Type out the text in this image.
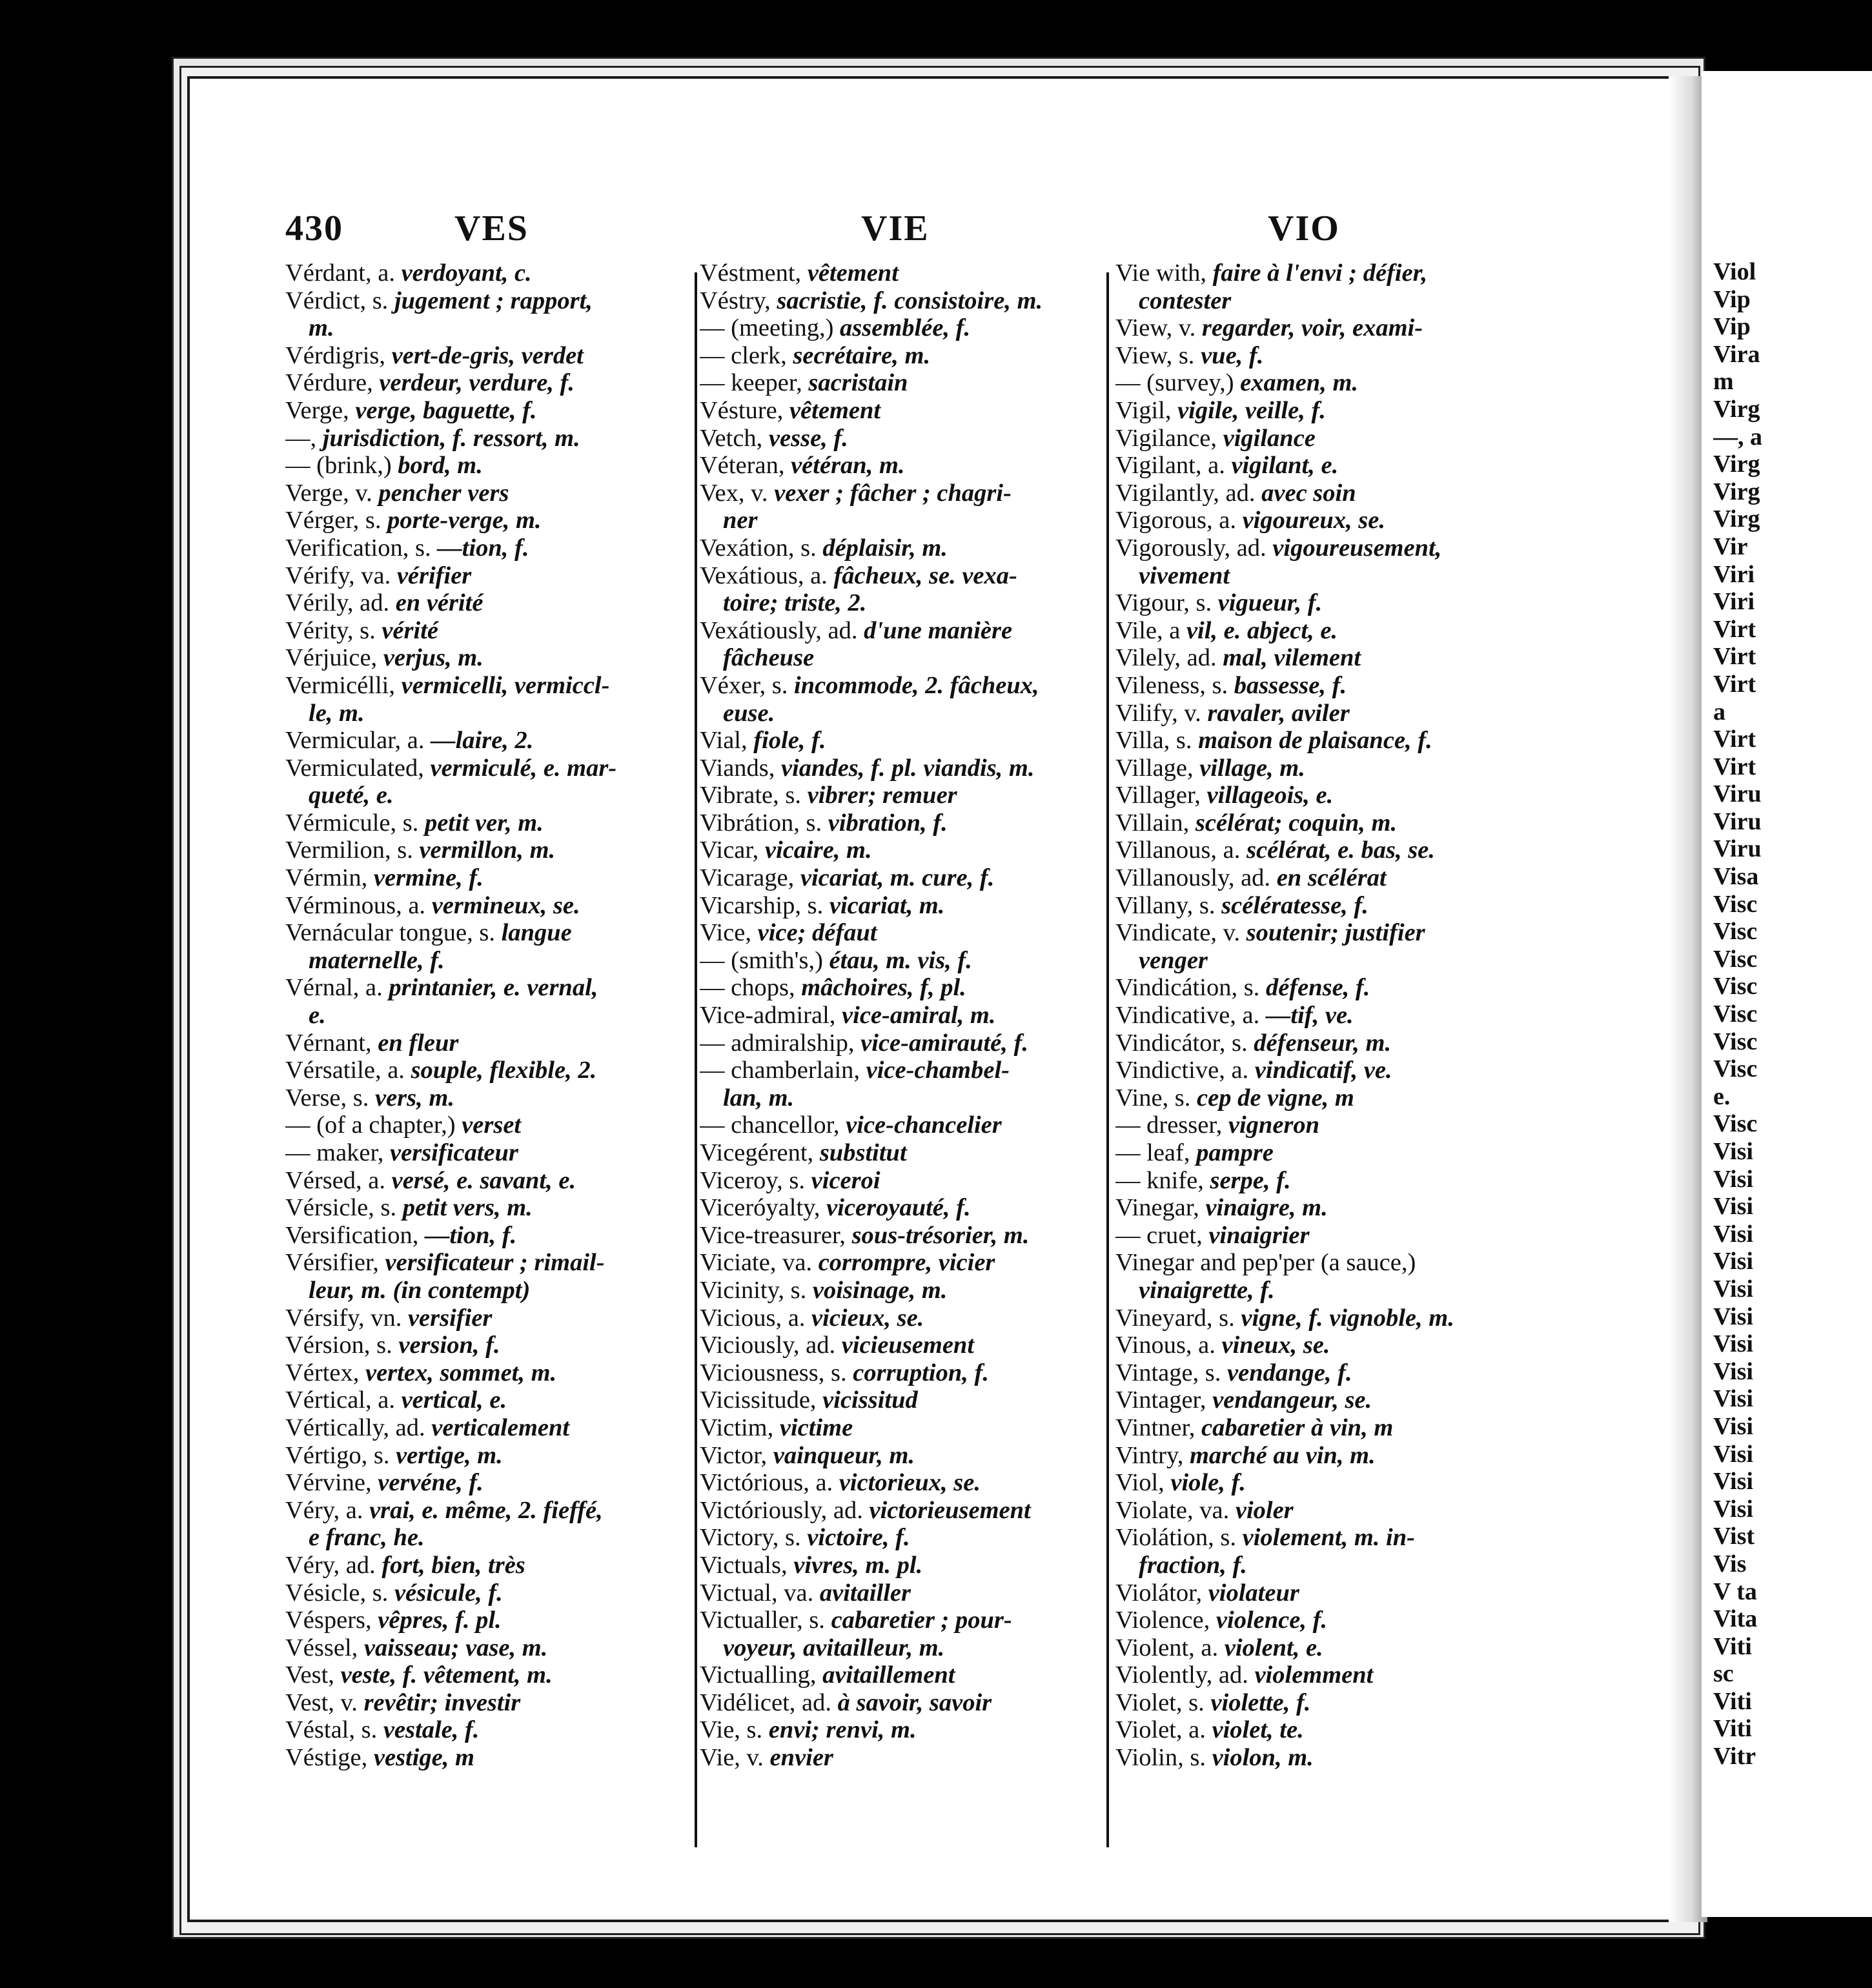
430	VES	VIE	VIO
Vérdant, a. verdoyant, c.
Vérdict, s. jugement ; rapport,
m.
Vérdigris, vert-de-gris, verdet
Vérdure, verdeur, verdure, f.
Verge, verge, baguette, f.
—, jurisdiction, f. ressort, m.
— (brink,) bord, m.
Verge, v. pencher vers
Vérger, s. porte-verge, m.
Verification, s. —tion, f.
Vérify, va. vérifier
Vérily, ad. en vérité
Vérity, s. vérité
Vérjuice, verjus, m.
Vermicélli, vermicelli, vermiccl-
le, m.
Vermicular, a. —laire, 2.
Vermiculated, vermiculé, e. mar-
queté, e.
Vérmicule, s. petit ver, m.
Vermilion, s. vermillon, m.
Vérmin, vermine, f.
Vérminous, a. vermineux, se.
Vernácular tongue, s. langue
maternelle, f.
Vérnal, a. printanier, e. vernal,
e.
Vérnant, en fleur
Vérsatile, a. souple, flexible, 2.
Verse, s. vers, m.
— (of a chapter,) verset
— maker, versificateur
Vérsed, a. versé, e. savant, e.
Vérsicle, s. petit vers, m.
Versification, —tion, f.
Vérsifier, versificateur ; rimail-
leur, m. (in contempt)
Vérsify, vn. versifier
Vérsion, s. version, f.
Vértex, vertex, sommet, m.
Vértical, a. vertical, e.
Vértically, ad. verticalement
Vértigo, s. vertige, m.
Vérvine, vervéne, f.
Véry, a. vrai, e. même, 2. fieffé,
e franc, he.
Véry, ad. fort, bien, très
Vésicle, s. vésicule, f.
Véspers, vêpres, f. pl.
Véssel, vaisseau; vase, m.
Vest, veste, f. vêtement, m.
Vest, v. revêtir; investir
Véstal, s. vestale, f.
Véstige, vestige, m
Véstment, vêtement
Véstry, sacristie, f. consistoire, m.
— (meeting,) assemblée, f.
— clerk, secrétaire, m.
— keeper, sacristain
Vésture, vêtement
Vetch, vesse, f.
Véteran, vétéran, m.
Vex, v. vexer ; fâcher ; chagri-
ner
Vexátion, s. déplaisir, m.
Vexátious, a. fâcheux, se. vexa-
toire; triste, 2.
Vexátiously, ad. d'une manière
fâcheuse
Véxer, s. incommode, 2. fâcheux,
euse.
Vial, fiole, f.
Viands, viandes, f. pl. viandis, m.
Vibrate, s. vibrer; remuer
Vibrátion, s. vibration, f.
Vicar, vicaire, m.
Vicarage, vicariat, m. cure, f.
Vicarship, s. vicariat, m.
Vice, vice; défaut
— (smith's,) étau, m. vis, f.
— chops, mâchoires, f, pl.
Vice-admiral, vice-amiral, m.
— admiralship, vice-amirauté, f.
— chamberlain, vice-chambel-
lan, m.
— chancellor, vice-chancelier
Vicegérent, substitut
Viceroy, s. viceroi
Viceróyalty, viceroyauté, f.
Vice-treasurer, sous-trésorier, m.
Viciate, va. corrompre, vicier
Vicinity, s. voisinage, m.
Vicious, a. vicieux, se.
Viciously, ad. vicieusement
Viciousness, s. corruption, f.
Vicissitude, vicissitud
Victim, victime
Victor, vainqueur, m.
Victórious, a. victorieux, se.
Victóriously, ad. victorieusement
Victory, s. victoire, f.
Victuals, vivres, m. pl.
Victual, va. avitailler
Victualler, s. cabaretier ; pour-
voyeur, avitailleur, m.
Victualling, avitaillement
Vidélicet, ad. à savoir, savoir
Vie, s. envi; renvi, m.
Vie, v. envier
Vie with, faire à l'envi ; défier,
contester
View, v. regarder, voir, exami-
View, s. vue, f.
— (survey,) examen, m.
Vigil, vigile, veille, f.
Vigilance, vigilance
Vigilant, a. vigilant, e.
Vigilantly, ad. avec soin
Vigorous, a. vigoureux, se.
Vigorously, ad. vigoureusement,
vivement
Vigour, s. vigueur, f.
Vile, a vil, e. abject, e.
Vilely, ad. mal, vilement
Vileness, s. bassesse, f.
Vilify, v. ravaler, aviler
Villa, s. maison de plaisance, f.
Village, village, m.
Villager, villageois, e.
Villain, scélérat; coquin, m.
Villanous, a. scélérat, e. bas, se.
Villanously, ad. en scélérat
Villany, s. scélératesse, f.
Vindicate, v. soutenir; justifier
venger
Vindicátion, s. défense, f.
Vindicative, a. —tif, ve.
Vindicátor, s. défenseur, m.
Vindictive, a. vindicatif, ve.
Vine, s. cep de vigne, m
— dresser, vigneron
— leaf, pampre
— knife, serpe, f.
Vinegar, vinaigre, m.
— cruet, vinaigrier
Vinegar and pep'per (a sauce,)
vinaigrette, f.
Vineyard, s. vigne, f. vignoble, m.
Vinous, a. vineux, se.
Vintage, s. vendange, f.
Vintager, vendangeur, se.
Vintner, cabaretier à vin, m
Vintry, marché au vin, m.
Viol, viole, f.
Violate, va. violer
Violátion, s. violement, m. in-
fraction, f.
Violátor, violateur
Violence, violence, f.
Violent, a. violent, e.
Violently, ad. violemment
Violet, s. violette, f.
Violet, a. violet, te.
Violin, s. violon, m.
Viol
Vip
Vip
Vira
m
Virg
—, a
Virg
Virg
Virg
Vir
Viri
Viri
Virt
Virt
Virt
a
Virt
Virt
Viru
Viru
Viru
Visa
Visc
Visc
Visc
Visc
Visc
Visc
Visc
e.
Visc
Visi
Visi
Visi
Visi
Visi
Visi
Visi
Visi
Visi
Visi
Visi
Visi
Visi
Visi
Vist
Vis
V ta
Vita
Viti
sc
Viti
Viti
Vitr
